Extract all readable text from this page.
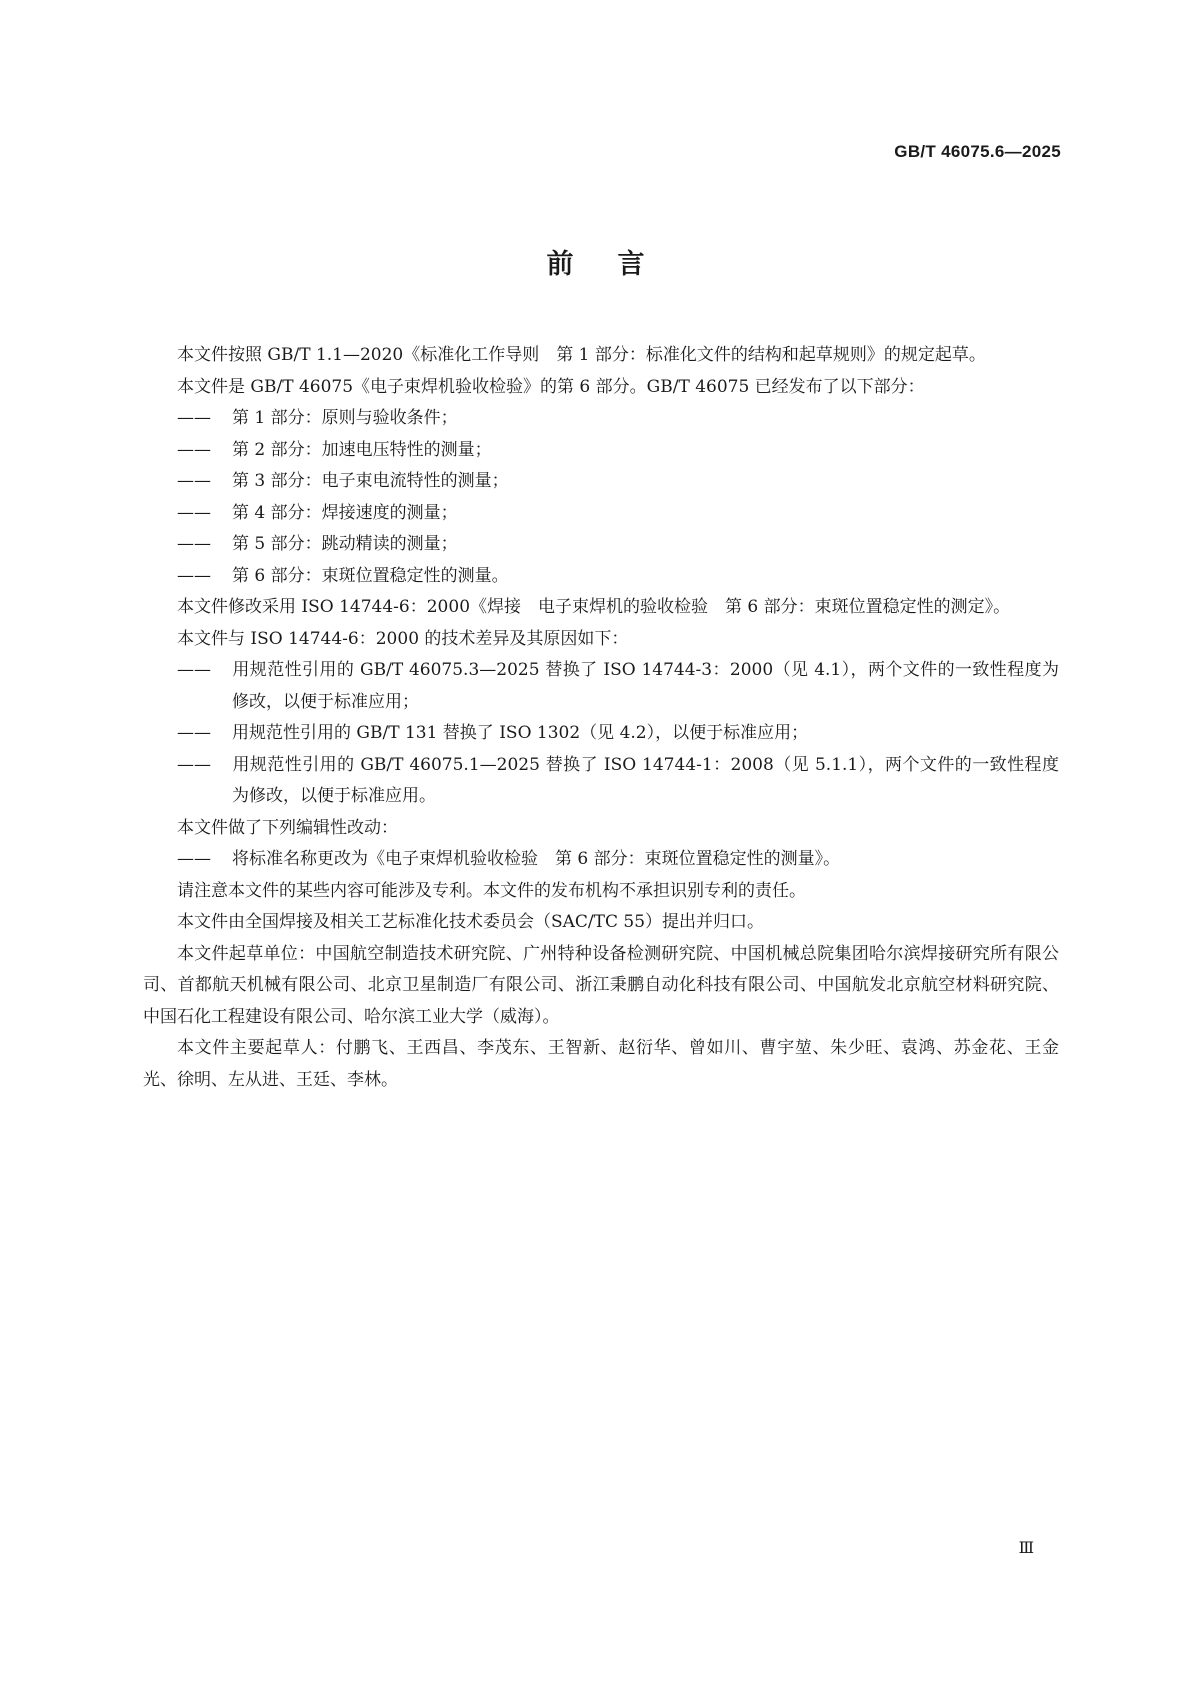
GB/T 46075.6—2025
前言

本文件按照 GB/T 1.1—2020《标准化工作导则　第 1 部分：标准化文件的结构和起草规则》的规定起草。

本文件是 GB/T 46075《电子束焊机验收检验》的第 6 部分。GB/T 46075 已经发布了以下部分：

—— 第 1 部分：原则与验收条件；

—— 第 2 部分：加速电压特性的测量；

—— 第 3 部分：电子束电流特性的测量；

—— 第 4 部分：焊接速度的测量；

—— 第 5 部分：跳动精读的测量；

—— 第 6 部分：束斑位置稳定性的测量。

本文件修改采用 ISO 14744-6：2000《焊接　电子束焊机的验收检验　第 6 部分：束斑位置稳定性的测定》。

本文件与 ISO 14744-6：2000 的技术差异及其原因如下：

—— 用规范性引用的 GB/T 46075.3—2025 替换了 ISO 14744-3：2000（见 4.1），两个文件的一致性程度为修改，以便于标准应用；

—— 用规范性引用的 GB/T 131 替换了 ISO 1302（见 4.2），以便于标准应用；

—— 用规范性引用的 GB/T 46075.1—2025 替换了 ISO 14744-1：2008（见 5.1.1），两个文件的一致性程度为修改，以便于标准应用。

本文件做了下列编辑性改动：

—— 将标准名称更改为《电子束焊机验收检验　第 6 部分：束斑位置稳定性的测量》。

请注意本文件的某些内容可能涉及专利。本文件的发布机构不承担识别专利的责任。

本文件由全国焊接及相关工艺标准化技术委员会（SAC/TC 55）提出并归口。

本文件起草单位：中国航空制造技术研究院、广州特种设备检测研究院、中国机械总院集团哈尔滨焊接研究所有限公司、首都航天机械有限公司、北京卫星制造厂有限公司、浙江秉鹏自动化科技有限公司、中国航发北京航空材料研究院、中国石化工程建设有限公司、哈尔滨工业大学（威海）。

本文件主要起草人：付鹏飞、王西昌、李茂东、王智新、赵衍华、曾如川、曹宇堃、朱少旺、袁鸿、苏金花、王金光、徐明、左从进、王廷、李林。

Ⅲ
